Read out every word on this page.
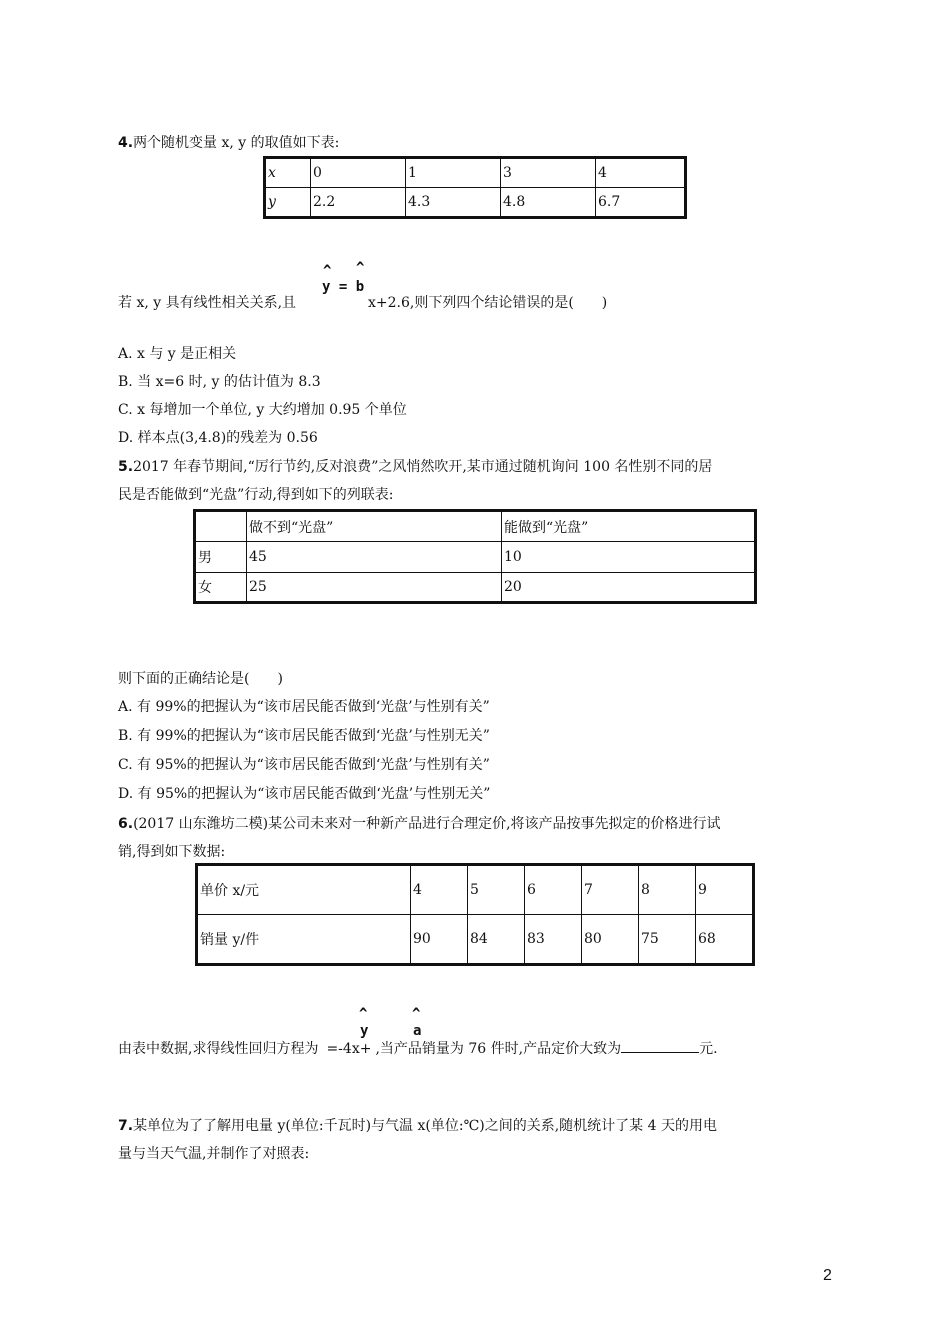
4.两个随机变量 x, y 的取值如下表:
x	0	1	3	4
y	2.2	4.3	4.8	6.7
^ ^
y = b
若 x, y 具有线性相关关系,且	x+2.6,则下列四个结论错误的是(　　)
A. x 与 y 是正相关
B. 当 x=6 时, y 的估计值为 8.3
C. x 每增加一个单位, y 大约增加 0.95 个单位
D. 样本点(3,4.8)的残差为 0.56
5.2017 年春节期间,“厉行节约,反对浪费”之风悄然吹开,某市通过随机询问 100 名性别不同的居
民是否能做到“光盘”行动,得到如下的列联表:
	做不到“光盘”	能做到“光盘”
男	45	10
女	25	20
则下面的正确结论是(　　)
A. 有 99%的把握认为“该市居民能否做到‘光盘’与性别有关”
B. 有 99%的把握认为“该市居民能否做到‘光盘’与性别无关”
C. 有 95%的把握认为“该市居民能否做到‘光盘’与性别有关”
D. 有 95%的把握认为“该市居民能否做到‘光盘’与性别无关”
6.(2017 山东潍坊二模)某公司未来对一种新产品进行合理定价,将该产品按事先拟定的价格进行试
销,得到如下数据:
单价 x/元	4	5	6	7	8	9
销量 y/件	90	84	83	80	75	68
^	^
y	a
由表中数据,求得线性回归方程为 =-4x+ ,当产品销量为 76 件时,产品定价大致为	元.
7.某单位为了了解用电量 y(单位:千瓦时)与气温 x(单位:℃)之间的关系,随机统计了某 4 天的用电
量与当天气温,并制作了对照表:
2
